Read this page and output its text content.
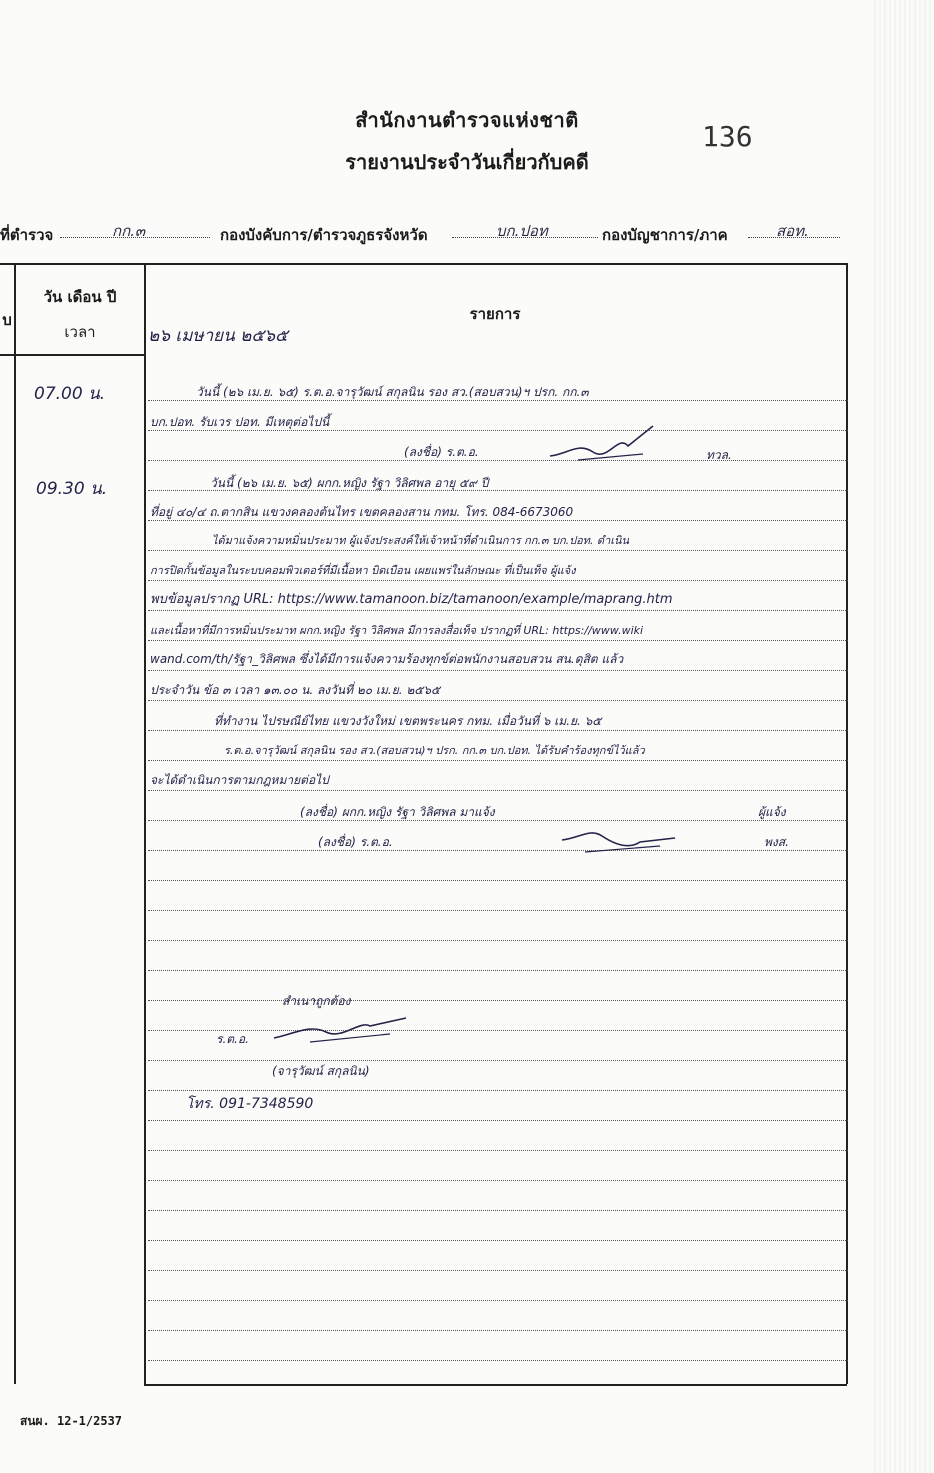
สำนักงานตำรวจแห่งชาติ
รายงานประจำวันเกี่ยวกับคดี
136
ที่ตำรวจ	กก.๓	กองบังคับการ/ตำรวจภูธรจังหวัด	บก.ปอท	กองบัญชาการ/ภาค	สอท.
บ
วัน เดือน ปี
เวลา
รายการ
๒๖ เมษายน ๒๕๖๕
07.00 น.	วันนี้ (๒๖ เม.ย. ๖๕) ร.ต.อ.จารุวัฒน์ สกุลนิน รอง สว.(สอบสวน)ฯ ปรก. กก.๓
บก.ปอท. รับเวร ปอท. มีเหตุต่อไปนี้
(ลงชื่อ) ร.ต.อ.	ทวล.
09.30 น.	วันนี้ (๒๖ เม.ย. ๖๕) ผกก.หญิง รัฐา วิลิศพล อายุ ๕๙ ปี
ที่อยู่ ๔๐/๔ ถ.ตากสิน แขวงคลองต้นไทร เขตคลองสาน กทม. โทร. 084-6673060
ได้มาแจ้งความหมิ่นประมาท ผู้แจ้งประสงค์ให้เจ้าหน้าที่ดำเนินการ กก.๓ บก.ปอท. ดำเนิน
การปิดกั้นข้อมูลในระบบคอมพิวเตอร์ที่มีเนื้อหา บิดเบือน เผยแพร่ในลักษณะ ที่เป็นเท็จ ผู้แจ้ง
พบข้อมูลปรากฏ URL: https://www.tamanoon.biz/tamanoon/example/maprang.htm
และเนื้อหาที่มีการหมิ่นประมาท ผกก.หญิง รัฐา วิลิศพล มีการลงสื่อเท็จ ปรากฏที่ URL: https://www.wiki
wand.com/th/รัฐา_วิลิศพล ซึ่งได้มีการแจ้งความร้องทุกข์ต่อพนักงานสอบสวน สน.ดุสิต แล้ว
ประจำวัน ข้อ ๓ เวลา ๑๓.๐๐ น. ลงวันที่ ๒๐ เม.ย. ๒๕๖๕
ที่ทำงาน ไปรษณีย์ไทย แขวงวังใหม่ เขตพระนคร กทม. เมื่อวันที่ ๖ เม.ย. ๖๕
ร.ต.อ.จารุวัฒน์ สกุลนิน รอง สว.(สอบสวน)ฯ ปรก. กก.๓ บก.ปอท. ได้รับคำร้องทุกข์ไว้แล้ว
จะได้ดำเนินการตามกฎหมายต่อไป
(ลงชื่อ) ผกก.หญิง รัฐา วิลิศพล มาแจ้ง	ผู้แจ้ง
(ลงชื่อ) ร.ต.อ.	พงส.
สำเนาถูกต้อง
ร.ต.อ.
(จารุวัฒน์ สกุลนิน)
โทร. 091-7348590
สนผ. 12-1/2537
